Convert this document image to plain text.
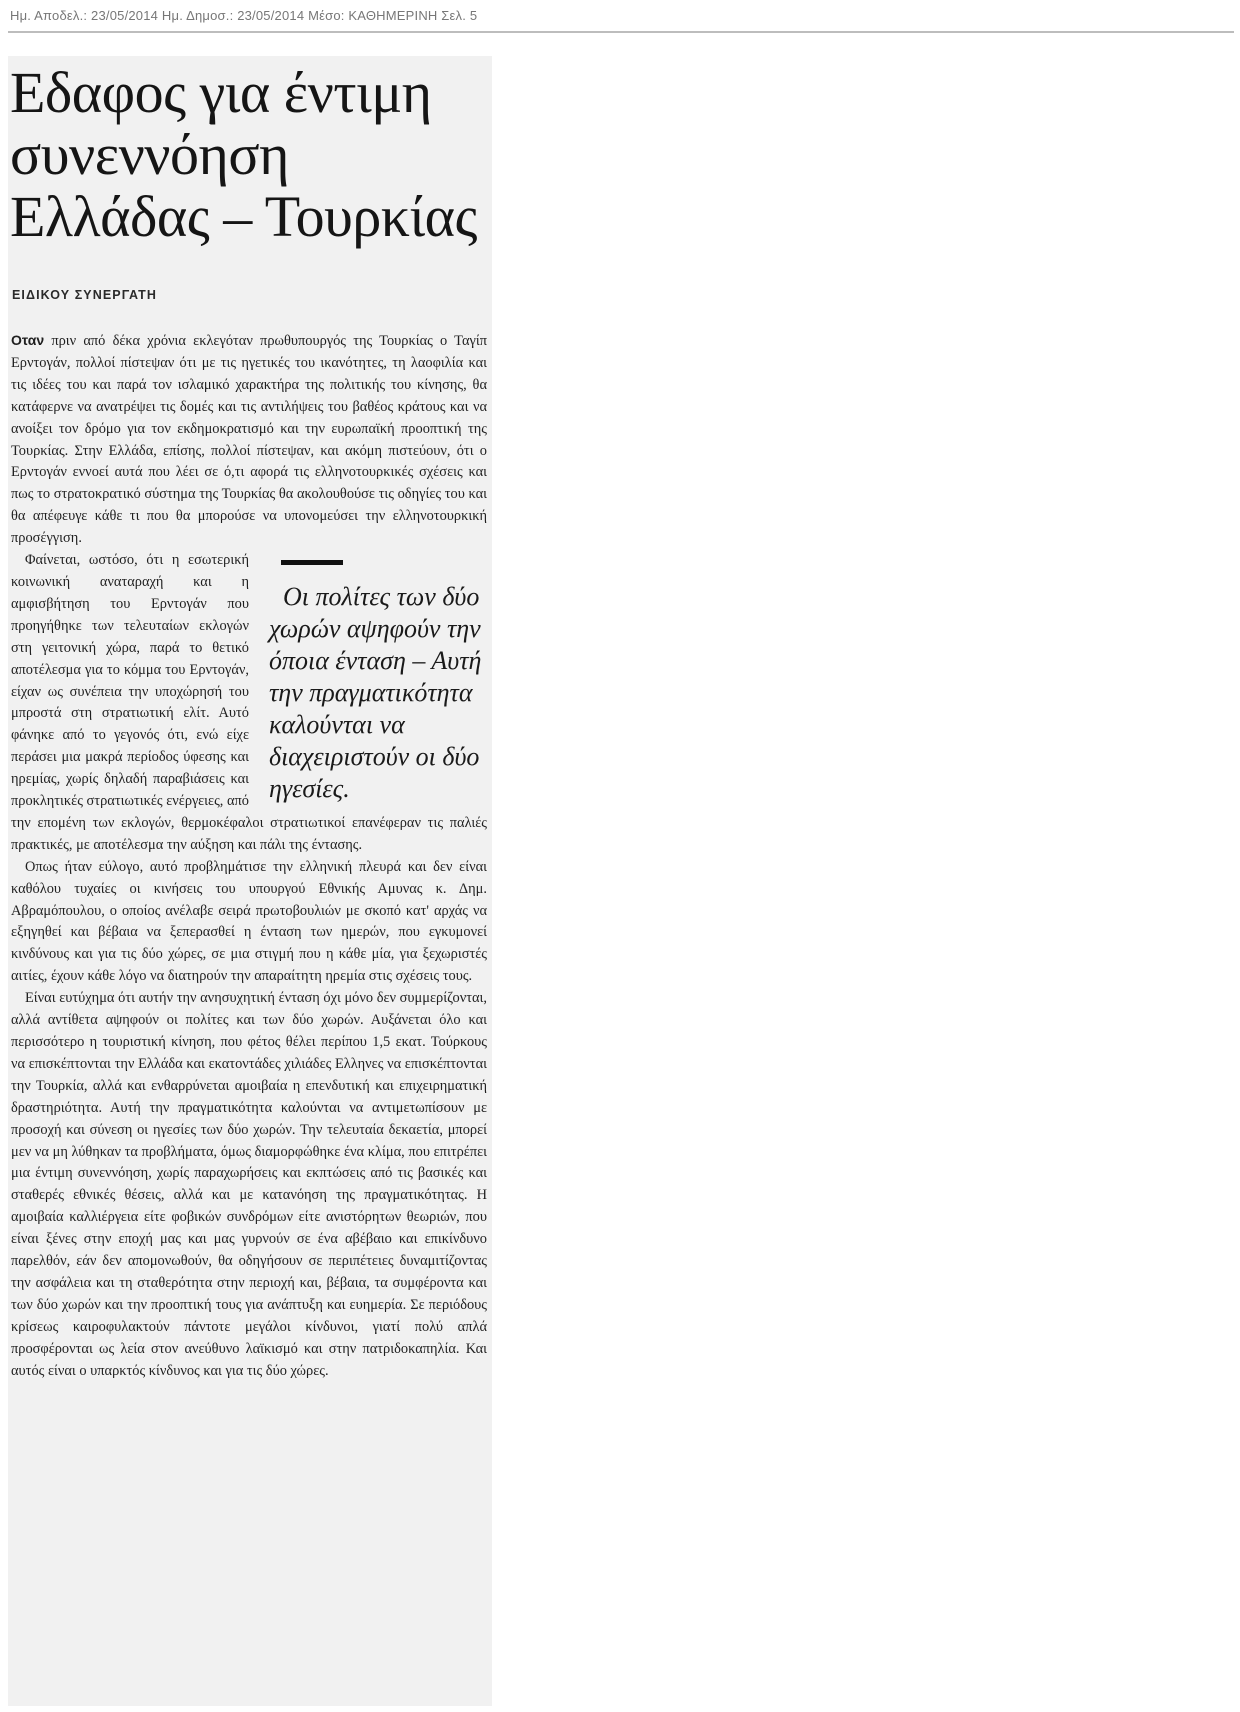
Ημ. Αποδελ.: 23/05/2014 Ημ. Δημοσ.: 23/05/2014 Μέσο: ΚΑΘΗΜΕΡΙΝΗ Σελ. 5
Εδαφος για έντιμη συνεννόηση Ελλάδας – Τουρκίας
ΕΙΔΙΚΟΥ ΣΥΝΕΡΓΑΤΗ

Οταν πριν από δέκα χρόνια εκλεγόταν πρωθυπουργός της Τουρκίας ο Ταγίπ Ερντογάν, πολλοί πίστεψαν ότι με τις ηγετικές του ικανότητες, τη λαοφιλία και τις ιδέες του και παρά τον ισλαμικό χαρακτήρα της πολιτικής του κίνησης, θα κατάφερνε να ανατρέψει τις δομές και τις αντιλήψεις του βαθέος κράτους και να ανοίξει τον δρόμο για τον εκδημοκρατισμό και την ευρωπαϊκή προοπτική της Τουρκίας. Στην Ελλάδα, επίσης, πολλοί πίστεψαν, και ακόμη πιστεύουν, ότι ο Ερντογάν εννοεί αυτά που λέει σε ό,τι αφορά τις ελληνοτουρκικές σχέσεις και πως το στρατοκρατικό σύστημα της Τουρκίας θα ακολουθούσε τις οδηγίες του και θα απέφευγε κάθε τι που θα μπορούσε να υπονομεύσει την ελληνοτουρκική προσέγγιση.

Οι πολίτες των δύο χωρών αψηφούν την όποια ένταση – Αυτή την πραγματικότητα καλούνται να διαχειριστούν οι δύο ηγεσίες.
Φαίνεται, ωστόσο, ότι η εσωτερική κοινωνική αναταραχή και η αμφισβήτηση του Ερντογάν που προηγήθηκε των τελευταίων εκλογών στη γειτονική χώρα, παρά το θετικό αποτέλεσμα για το κόμμα του Ερντογάν, είχαν ως συνέπεια την υποχώρησή του μπροστά στη στρατιωτική ελίτ. Αυτό φάνηκε από το γεγονός ότι, ενώ είχε περάσει μια μακρά περίοδος ύφεσης και ηρεμίας, χωρίς δηλαδή παραβιάσεις και προκλητικές στρατιωτικές ενέργειες, από την επομένη των εκλογών, θερμοκέφαλοι στρατιωτικοί επανέφεραν τις παλιές πρακτικές, με αποτέλεσμα την αύξηση και πάλι της έντασης.

Οπως ήταν εύλογο, αυτό προβλημάτισε την ελληνική πλευρά και δεν είναι καθόλου τυχαίες οι κινήσεις του υπουργού Εθνικής Αμυνας κ. Δημ. Αβραμόπουλου, ο οποίος ανέλαβε σειρά πρωτοβουλιών με σκοπό κατ' αρχάς να εξηγηθεί και βέβαια να ξεπερασθεί η ένταση των ημερών, που εγκυμονεί κινδύνους και για τις δύο χώρες, σε μια στιγμή που η κάθε μία, για ξεχωριστές αιτίες, έχουν κάθε λόγο να διατηρούν την απαραίτητη ηρεμία στις σχέσεις τους.

Είναι ευτύχημα ότι αυτήν την ανησυχητική ένταση όχι μόνο δεν συμμερίζονται, αλλά αντίθετα αψηφούν οι πολίτες και των δύο χωρών. Αυξάνεται όλο και περισσότερο η τουριστική κίνηση, που φέτος θέλει περίπου 1,5 εκατ. Τούρκους να επισκέπτονται την Ελλάδα και εκατοντάδες χιλιάδες Ελληνες να επισκέπτονται την Τουρκία, αλλά και ενθαρρύνεται αμοιβαία η επενδυτική και επιχειρηματική δραστηριότητα. Αυτή την πραγματικότητα καλούνται να αντιμετωπίσουν με προσοχή και σύνεση οι ηγεσίες των δύο χωρών. Την τελευταία δεκαετία, μπορεί μεν να μη λύθηκαν τα προβλήματα, όμως διαμορφώθηκε ένα κλίμα, που επιτρέπει μια έντιμη συνεννόηση, χωρίς παραχωρήσεις και εκπτώσεις από τις βασικές και σταθερές εθνικές θέσεις, αλλά και με κατανόηση της πραγματικότητας. Η αμοιβαία καλλιέργεια είτε φοβικών συνδρόμων είτε ανιστόρητων θεωριών, που είναι ξένες στην εποχή μας και μας γυρνούν σε ένα αβέβαιο και επικίνδυνο παρελθόν, εάν δεν απομονωθούν, θα οδηγήσουν σε περιπέτειες δυναμιτίζοντας την ασφάλεια και τη σταθερότητα στην περιοχή και, βέβαια, τα συμφέροντα και των δύο χωρών και την προοπτική τους για ανάπτυξη και ευημερία. Σε περιόδους κρίσεως καιροφυλακτούν πάντοτε μεγάλοι κίνδυνοι, γιατί πολύ απλά προσφέρονται ως λεία στον ανεύθυνο λαϊκισμό και στην πατριδοκαπηλία. Και αυτός είναι ο υπαρκτός κίνδυνος και για τις δύο χώρες.
